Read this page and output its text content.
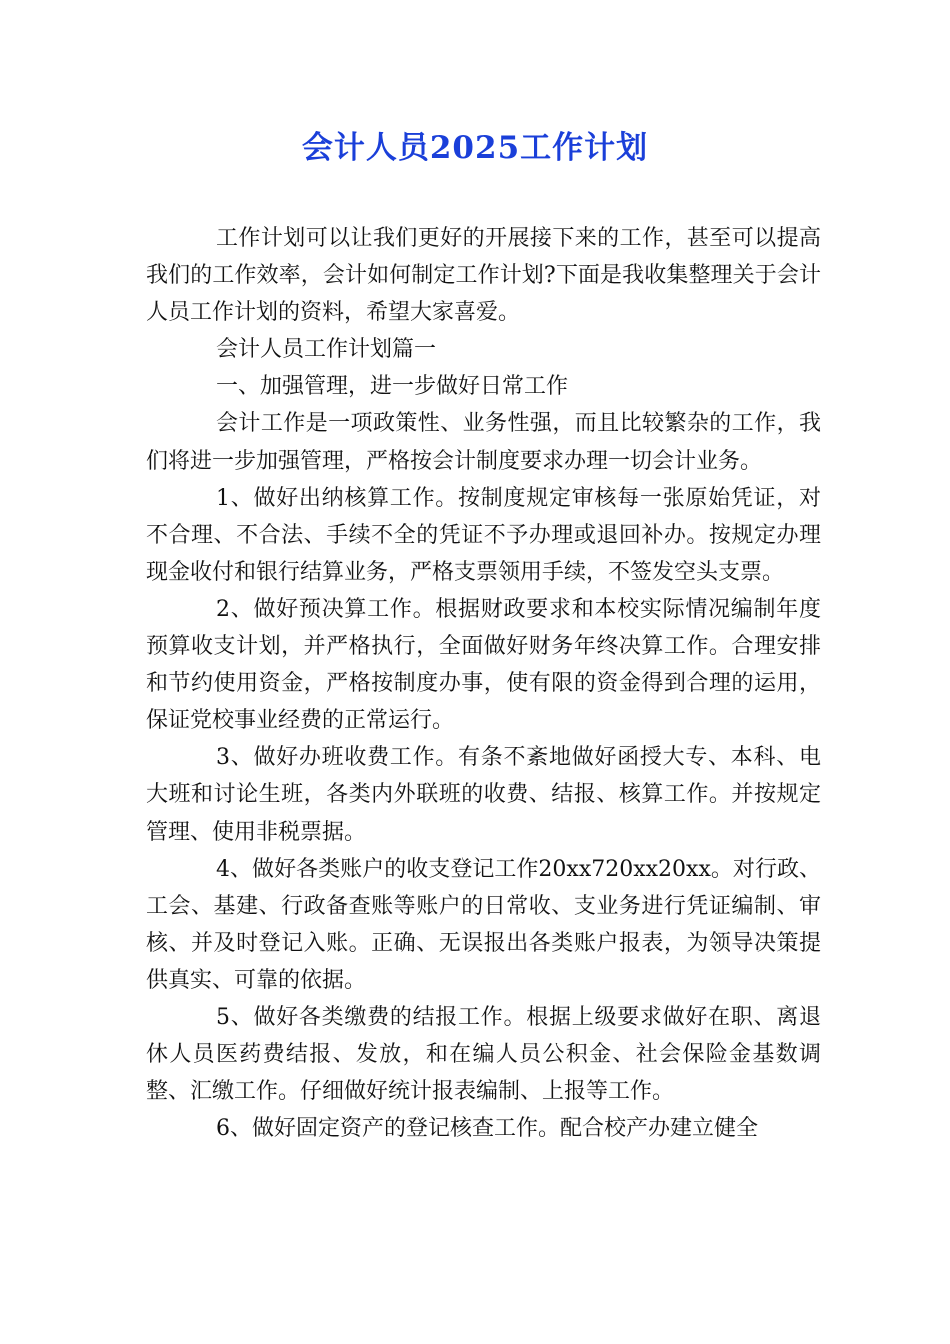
会计人员2025工作计划

工作计划可以让我们更好的开展接下来的工作，甚至可以提高我们的工作效率，会计如何制定工作计划?下面是我收集整理关于会计人员工作计划的资料，希望大家喜爱。

会计人员工作计划篇一

一、加强管理，进一步做好日常工作

会计工作是一项政策性、业务性强，而且比较繁杂的工作，我们将进一步加强管理，严格按会计制度要求办理一切会计业务。

1、做好出纳核算工作。按制度规定审核每一张原始凭证，对不合理、不合法、手续不全的凭证不予办理或退回补办。按规定办理现金收付和银行结算业务，严格支票领用手续，不签发空头支票。

2、做好预决算工作。根据财政要求和本校实际情况编制年度预算收支计划，并严格执行，全面做好财务年终决算工作。合理安排和节约使用资金，严格按制度办事，使有限的资金得到合理的运用，保证党校事业经费的正常运行。

3、做好办班收费工作。有条不紊地做好函授大专、本科、电大班和讨论生班，各类内外联班的收费、结报、核算工作。并按规定管理、使用非税票据。

4、做好各类账户的收支登记工作20xx720xx20xx。对行政、工会、基建、行政备查账等账户的日常收、支业务进行凭证编制、审核、并及时登记入账。正确、无误报出各类账户报表，为领导决策提供真实、可靠的依据。

5、做好各类缴费的结报工作。根据上级要求做好在职、离退休人员医药费结报、发放，和在编人员公积金、社会保险金基数调整、汇缴工作。仔细做好统计报表编制、上报等工作。

6、做好固定资产的登记核查工作。配合校产办建立健全
